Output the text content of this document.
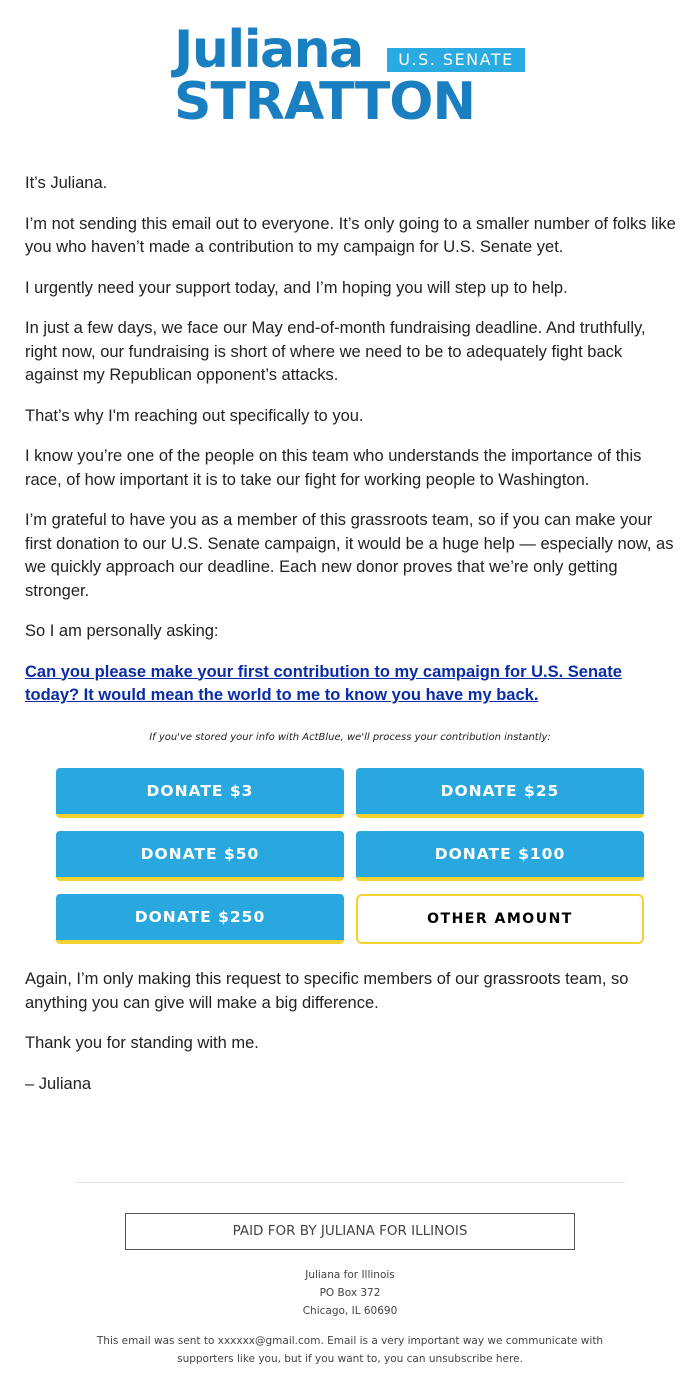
Juliana	U.S. SENATE
STRATTON

It’s Juliana.

I’m not sending this email out to everyone. It’s only going to a smaller number of folks like you who haven’t made a contribution to my campaign for U.S. Senate yet.

I urgently need your support today, and I’m hoping you will step up to help.

In just a few days, we face our May end-of-month fundraising deadline. And truthfully, right now, our fundraising is short of where we need to be to adequately fight back against my Republican opponent’s attacks.

That’s why I'm reaching out specifically to you.

I know you’re one of the people on this team who understands the importance of this race, of how important it is to take our fight for working people to Washington.

I’m grateful to have you as a member of this grassroots team, so if you can make your first donation to our U.S. Senate campaign, it would be a huge help — especially now, as we quickly approach our deadline. Each new donor proves that we’re only getting stronger.

So I am personally asking:

Can you please make your first contribution to my campaign for U.S. Senate today? It would mean the world to me to know you have my back.

If you've stored your info with ActBlue, we'll process your contribution instantly:
DONATE $3	DONATE $25
DONATE $50	DONATE $100
DONATE $250	OTHER AMOUNT

Again, I’m only making this request to specific members of our grassroots team, so anything you can give will make a big difference.

Thank you for standing with me.

– Juliana

PAID FOR BY JULIANA FOR ILLINOIS
Juliana for Illinois
PO Box 372
Chicago, IL 60690
This email was sent to xxxxxx@gmail.com. Email is a very important way we communicate with supporters like you, but if you want to, you can unsubscribe here.
